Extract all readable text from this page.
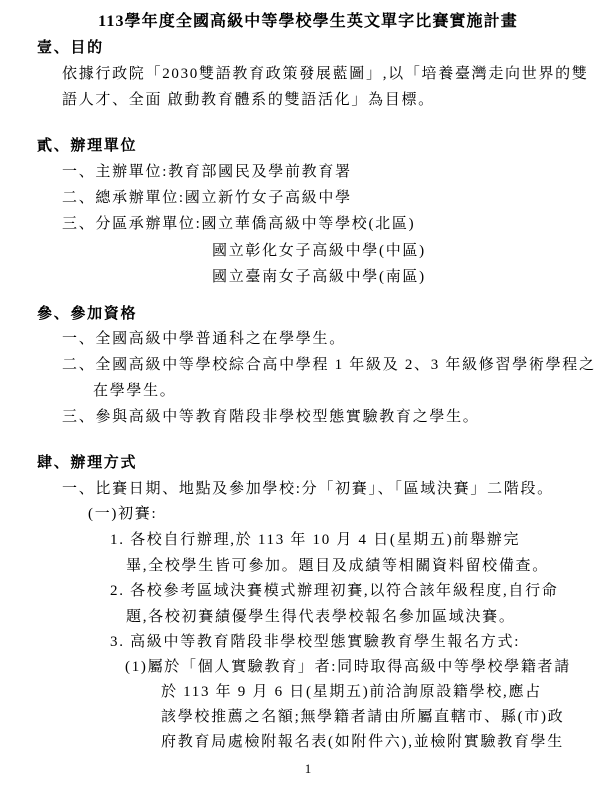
113學年度全國高級中等學校學生英文單字比賽實施計畫
壹、目的
依據行政院「2030雙語教育政策發展藍圖」,以「培養臺灣走向世界的雙
語人才、全面 啟動教育體系的雙語活化」為目標。
貳、辦理單位
一、主辦單位:教育部國民及學前教育署
二、總承辦單位:國立新竹女子高級中學
三、分區承辦單位:國立華僑高級中等學校(北區)
國立彰化女子高級中學(中區)
國立臺南女子高級中學(南區)
參、參加資格
一、全國高級中學普通科之在學學生。
二、全國高級中等學校綜合高中學程 1 年級及 2、3 年級修習學術學程之
在學學生。
三、參與高級中等教育階段非學校型態實驗教育之學生。
肆、辦理方式
一、比賽日期、地點及參加學校:分「初賽」、「區域決賽」二階段。
(一)初賽:
1. 各校自行辦理,於 113 年 10 月 4 日(星期五)前舉辦完
畢,全校學生皆可參加。題目及成績等相關資料留校備查。
2. 各校參考區域決賽模式辦理初賽,以符合該年級程度,自行命
題,各校初賽績優學生得代表學校報名參加區域決賽。
3. 高級中等教育階段非學校型態實驗教育學生報名方式:
(1)屬於「個人實驗教育」者:同時取得高級中等學校學籍者請
於 113 年 9 月 6 日(星期五)前洽詢原設籍學校,應占
該學校推薦之名額;無學籍者請由所屬直轄市、縣(市)政
府教育局處檢附報名表(如附件六),並檢附實驗教育學生
1
